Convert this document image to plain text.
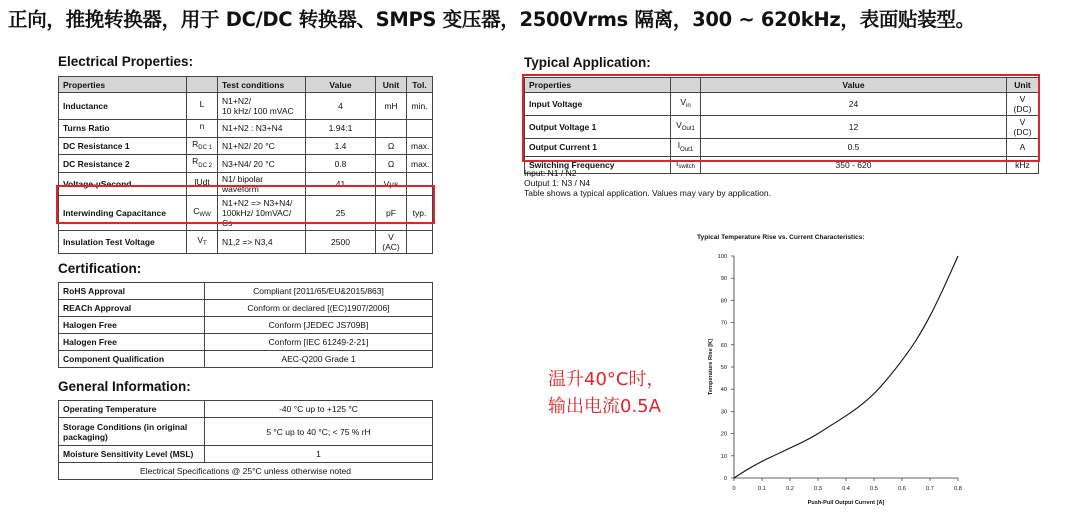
正向，推挽转换器，用于 DC/DC 转换器、SMPS 变压器，2500Vrms 隔离，300 ~ 620kHz，表面贴装型。
Electrical Properties:
Properties		Test conditions	Value	Unit	Tol.
Inductance	L	N1+N2/
10 kHz/ 100 mVAC	4	mH	min.
Turns Ratio	n	N1+N2 : N3+N4	1.94:1		
DC Resistance 1	$R_{DC 1}$	N1+N2/ 20 °C	1.4	Ω	max.
DC Resistance 2	$R_{DC 2}$	N3+N4/ 20 °C	0.8	Ω	max.
Voltage-µSecond	∫Udt	N1/ bipolar waveform	41	Vµs	
Interwinding Capacitance	$C_{WW}$	N1+N2 => N3+N4/
100kHz/ 10mVAC/ Cs	25	pF	typ.
Insulation Test Voltage	$V_T$	N1,2 => N3,4	2500	V (AC)	
Certification:
RoHS Approval	Compliant [2011/65/EU&2015/863]
REACh Approval	Conform or declared [(EC)1907/2006]
Halogen Free	Conform [JEDEC JS709B]
Halogen Free	Conform [IEC 61249-2-21]
Component Qualification	AEC-Q200 Grade 1
General Information:
Operating Temperature	-40 °C up to +125 °C
Storage Conditions (in original packaging)	5 °C up to 40 °C; < 75 % rH
Moisture Sensitivity Level (MSL)	1
Electrical Specifications @ 25°C unless otherwise noted	
Typical Application:
Properties		Value	Unit
Input Voltage	$V_{in}$	24	V (DC)
Output Voltage 1	$V_{Out1}$	12	V (DC)
Output Current 1	$I_{Out1}$	0.5	A
Switching Frequency	$f_{switch}$	350 - 620	kHz
Input: N1 / N2
Output 1: N3 / N4
Table shows a typical application. Values may vary by application.
温升40°C时，
输出电流0.5A
Typical Temperature Rise vs. Current Characteristics:
0
10
20
30
40
50
60
70
80
90
100
0	0.1	0.2	0.3	0.4	0.5	0.6	0.7	0.8
Push-Pull Output Current [A]
Temperature Rise [K]
